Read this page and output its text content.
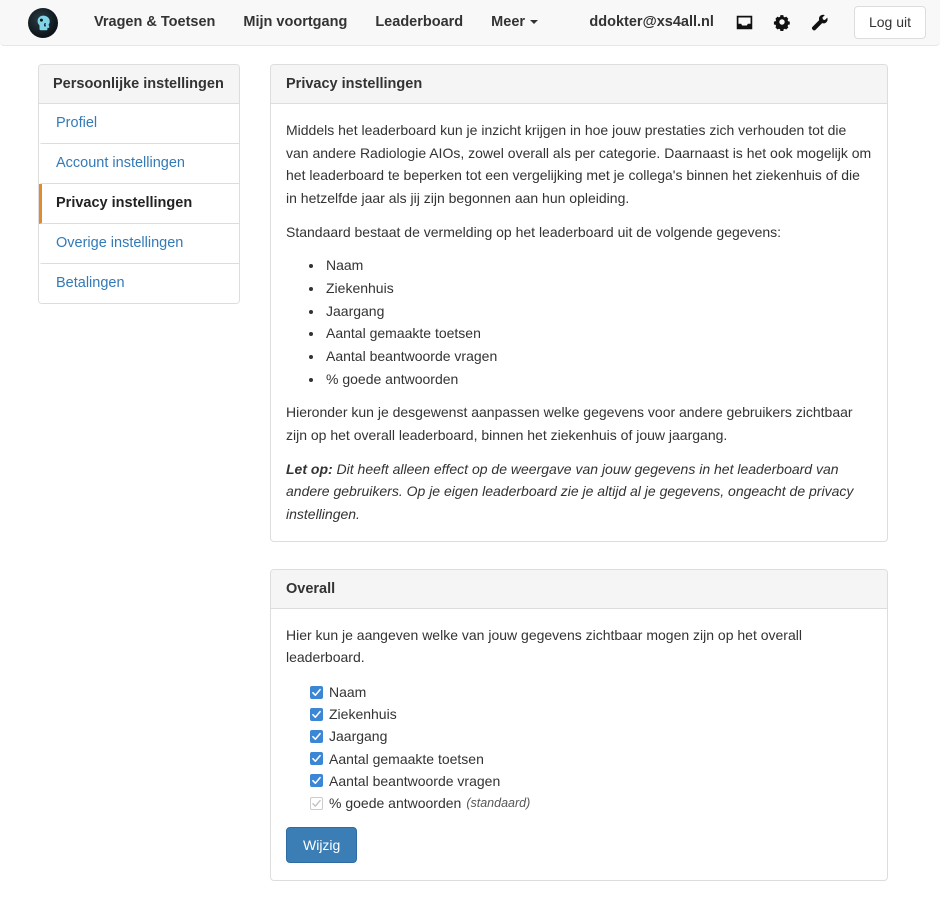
Vragen & Toetsen	Mijn voortgang	Leaderboard	Meer	ddokter@xs4all.nl	Log uit
Persoonlijke instellingen
Profiel
Account instellingen
Privacy instellingen
Overige instellingen
Betalingen
Privacy instellingen

Middels het leaderboard kun je inzicht krijgen in hoe jouw prestaties zich verhouden tot die van andere Radiologie AIOs, zowel overall als per categorie. Daarnaast is het ook mogelijk om het leaderboard te beperken tot een vergelijking met je collega's binnen het ziekenhuis of die in hetzelfde jaar als jij zijn begonnen aan hun opleiding.

Standaard bestaat de vermelding op het leaderboard uit de volgende gegevens:

• Naam
• Ziekenhuis
• Jaargang
• Aantal gemaakte toetsen
• Aantal beantwoorde vragen
• % goede antwoorden

Hieronder kun je desgewenst aanpassen welke gegevens voor andere gebruikers zichtbaar zijn op het overall leaderboard, binnen het ziekenhuis of jouw jaargang.

Let op: Dit heeft alleen effect op de weergave van jouw gegevens in het leaderboard van andere gebruikers. Op je eigen leaderboard zie je altijd al je gegevens, ongeacht de privacy instellingen.

Overall

Hier kun je aangeven welke van jouw gegevens zichtbaar mogen zijn op het overall leaderboard.

Naam
Ziekenhuis
Jaargang
Aantal gemaakte toetsen
Aantal beantwoorde vragen
% goede antwoorden (standaard)
Wijzig
